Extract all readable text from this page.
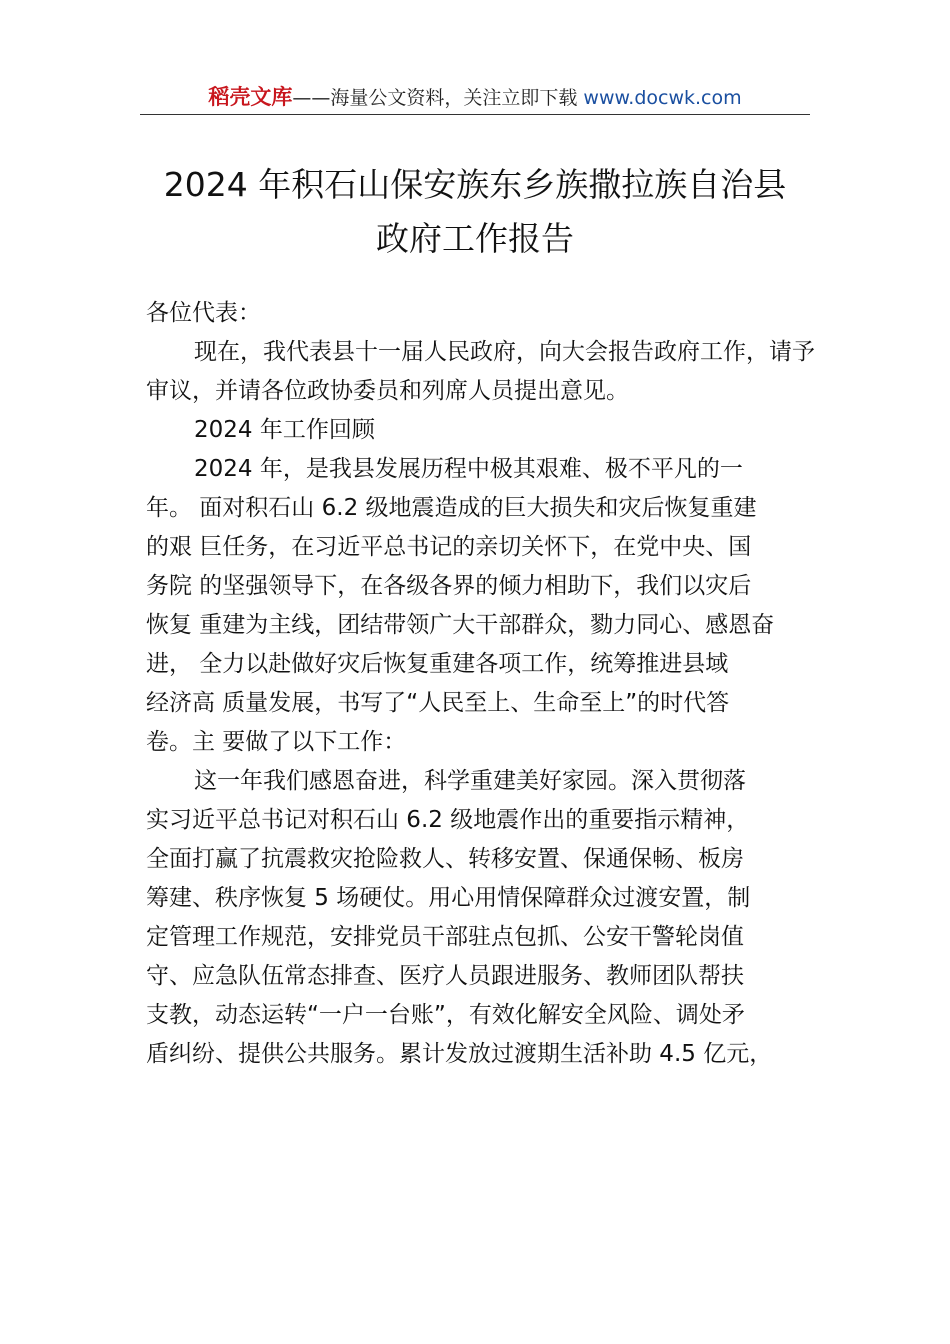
稻壳文库——海量公文资料，关注立即下载 www.docwk.com
2024 年积石山保安族东乡族撒拉族自治县
政府工作报告

各位代表：

现在，我代表县十一届人民政府，向大会报告政府工作，请予审议，并请各位政协委员和列席人员提出意见。

2024 年工作回顾

2024 年，是我县发展历程中极其艰难、极不平凡的一

年。 面对积石山 6.2 级地震造成的巨大损失和灾后恢复重建

的艰 巨任务，在习近平总书记的亲切关怀下，在党中央、国

务院 的坚强领导下，在各级各界的倾力相助下，我们以灾后

恢复 重建为主线，团结带领广大干部群众，勠力同心、感恩奋

进， 全力以赴做好灾后恢复重建各项工作，统筹推进县域

经济高 质量发展，书写了“人民至上、生命至上”的时代答

卷。主 要做了以下工作：

这一年我们感恩奋进，科学重建美好家园。深入贯彻落

实习近平总书记对积石山 6.2 级地震作出的重要指示精神，

全面打赢了抗震救灾抢险救人、转移安置、保通保畅、板房

筹建、秩序恢复 5 场硬仗。用心用情保障群众过渡安置，制

定管理工作规范，安排党员干部驻点包抓、公安干警轮岗值

守、应急队伍常态排查、医疗人员跟进服务、教师团队帮扶

支教，动态运转“一户一台账”，有效化解安全风险、调处矛

盾纠纷、提供公共服务。累计发放过渡期生活补助 4.5 亿元，
